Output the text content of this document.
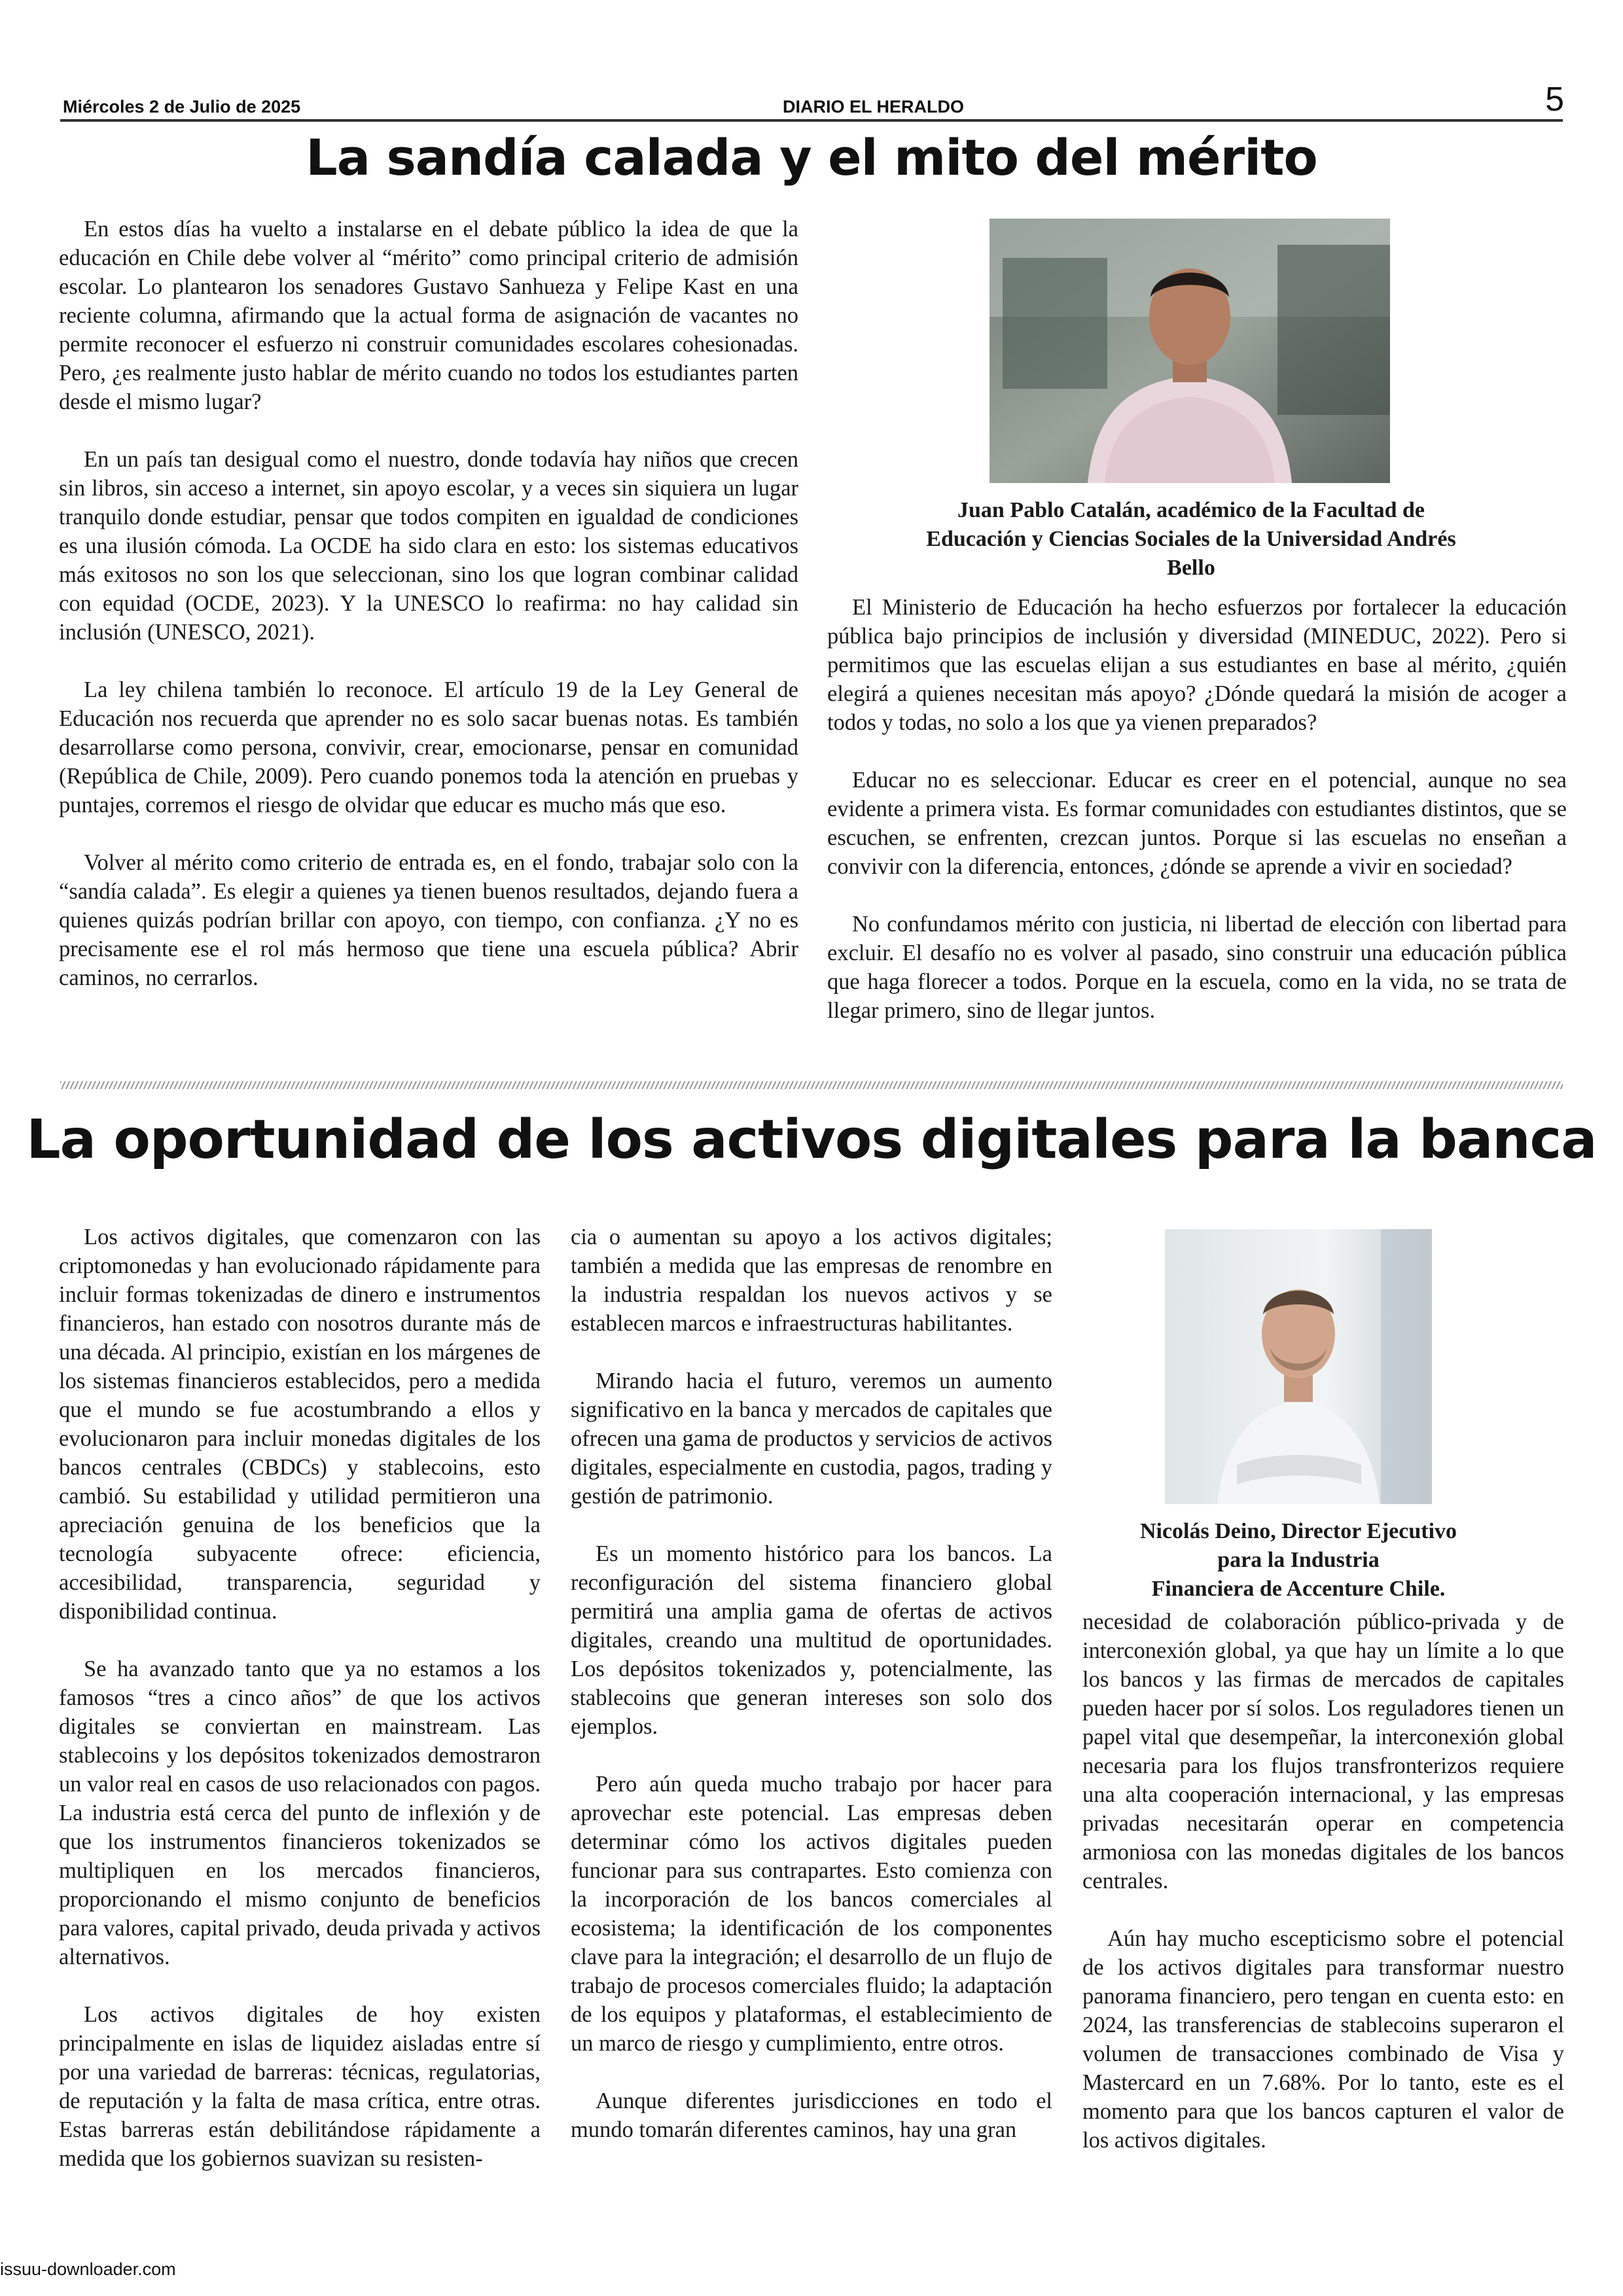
Miércoles 2 de Julio de 2025	DIARIO EL HERALDO	5
La sandía calada y el mito del mérito

En estos días ha vuelto a instalarse en el debate público la idea de que la educación en Chile debe volver al “mérito” como principal criterio de admisión escolar. Lo plantearon los senadores Gustavo Sanhueza y Felipe Kast en una reciente columna, afirmando que la actual forma de asignación de vacantes no permite reconocer el esfuerzo ni construir comunidades escolares cohesionadas. Pero, ¿es realmente justo hablar de mérito cuando no todos los estudiantes parten desde el mismo lugar?

En un país tan desigual como el nuestro, donde todavía hay niños que crecen sin libros, sin acceso a internet, sin apoyo escolar, y a veces sin siquiera un lugar tranquilo donde estudiar, pensar que todos compiten en igualdad de condiciones es una ilusión cómoda. La OCDE ha sido clara en esto: los sistemas educativos más exitosos no son los que seleccionan, sino los que logran combinar calidad con equidad (OCDE, 2023). Y la UNESCO lo reafirma: no hay calidad sin inclusión (UNESCO, 2021).

La ley chilena también lo reconoce. El artículo 19 de la Ley General de Educación nos recuerda que aprender no es solo sacar buenas notas. Es también desarrollarse como persona, convivir, crear, emocionarse, pensar en comunidad (República de Chile, 2009). Pero cuando ponemos toda la atención en pruebas y puntajes, corremos el riesgo de olvidar que educar es mucho más que eso.

Volver al mérito como criterio de entrada es, en el fondo, trabajar solo con la “sandía calada”. Es elegir a quienes ya tienen buenos resultados, dejando fuera a quienes quizás podrían brillar con apoyo, con tiempo, con confianza. ¿Y no es precisamente ese el rol más hermoso que tiene una escuela pública? Abrir caminos, no cerrarlos.

Juan Pablo Catalán, académico de la Facultad de
Educación y Ciencias Sociales de la Universidad Andrés
Bello

El Ministerio de Educación ha hecho esfuerzos por fortalecer la educación pública bajo principios de inclusión y diversidad (MINEDUC, 2022). Pero si permitimos que las escuelas elijan a sus estudiantes en base al mérito, ¿quién elegirá a quienes necesitan más apoyo? ¿Dónde quedará la misión de acoger a todos y todas, no solo a los que ya vienen preparados?

Educar no es seleccionar. Educar es creer en el potencial, aunque no sea evidente a primera vista. Es formar comunidades con estudiantes distintos, que se escuchen, se enfrenten, crezcan juntos. Porque si las escuelas no enseñan a convivir con la diferencia, entonces, ¿dónde se aprende a vivir en sociedad?

No confundamos mérito con justicia, ni libertad de elección con libertad para excluir. El desafío no es volver al pasado, sino construir una educación pública que haga florecer a todos. Porque en la escuela, como en la vida, no se trata de llegar primero, sino de llegar juntos.

La oportunidad de los activos digitales para la banca

Los activos digitales, que comenzaron con las criptomonedas y han evolucionado rápidamente para incluir formas tokenizadas de dinero e instrumentos financieros, han estado con nosotros durante más de una década. Al principio, existían en los márgenes de los sistemas financieros establecidos, pero a medida que el mundo se fue acostumbrando a ellos y evolucionaron para incluir monedas digitales de los bancos centrales (CBDCs) y stablecoins, esto cambió. Su estabilidad y utilidad permitieron una apreciación genuina de los beneficios que la tecnología subyacente ofrece: eficiencia, accesibilidad, transparencia, seguridad y disponibilidad continua.

Se ha avanzado tanto que ya no estamos a los famosos “tres a cinco años” de que los activos digitales se conviertan en mainstream. Las stablecoins y los depósitos tokenizados demostraron un valor real en casos de uso relacionados con pagos. La industria está cerca del punto de inflexión y de que los instrumentos financieros tokenizados se multipliquen en los mercados financieros, proporcionando el mismo conjunto de beneficios para valores, capital privado, deuda privada y activos alternativos.

Los activos digitales de hoy existen principalmente en islas de liquidez aisladas entre sí por una variedad de barreras: técnicas, regulatorias, de reputación y la falta de masa crítica, entre otras. Estas barreras están debilitándose rápidamente a medida que los gobiernos suavizan su resisten-

cia o aumentan su apoyo a los activos digitales; también a medida que las empresas de renombre en la industria respaldan los nuevos activos y se establecen marcos e infraestructuras habilitantes.

Mirando hacia el futuro, veremos un aumento significativo en la banca y mercados de capitales que ofrecen una gama de productos y servicios de activos digitales, especialmente en custodia, pagos, trading y gestión de patrimonio.

Es un momento histórico para los bancos. La reconfiguración del sistema financiero global permitirá una amplia gama de ofertas de activos digitales, creando una multitud de oportunidades. Los depósitos tokenizados y, potencialmente, las stablecoins que generan intereses son solo dos ejemplos.

Pero aún queda mucho trabajo por hacer para aprovechar este potencial. Las empresas deben determinar cómo los activos digitales pueden funcionar para sus contrapartes. Esto comienza con la incorporación de los bancos comerciales al ecosistema; la identificación de los componentes clave para la integración; el desarrollo de un flujo de trabajo de procesos comerciales fluido; la adaptación de los equipos y plataformas, el establecimiento de un marco de riesgo y cumplimiento, entre otros.

Aunque diferentes jurisdicciones en todo el mundo tomarán diferentes caminos, hay una gran

Nicolás Deino, Director Ejecutivo
para la Industria
Financiera de Accenture Chile.

necesidad de colaboración público-privada y de interconexión global, ya que hay un límite a lo que los bancos y las firmas de mercados de capitales pueden hacer por sí solos. Los reguladores tienen un papel vital que desempeñar, la interconexión global necesaria para los flujos transfronterizos requiere una alta cooperación internacional, y las empresas privadas necesitarán operar en competencia armoniosa con las monedas digitales de los bancos centrales.

Aún hay mucho escepticismo sobre el potencial de los activos digitales para transformar nuestro panorama financiero, pero tengan en cuenta esto: en 2024, las transferencias de stablecoins superaron el volumen de transacciones combinado de Visa y Mastercard en un 7.68%. Por lo tanto, este es el momento para que los bancos capturen el valor de los activos digitales.

issuu-downloader.com
